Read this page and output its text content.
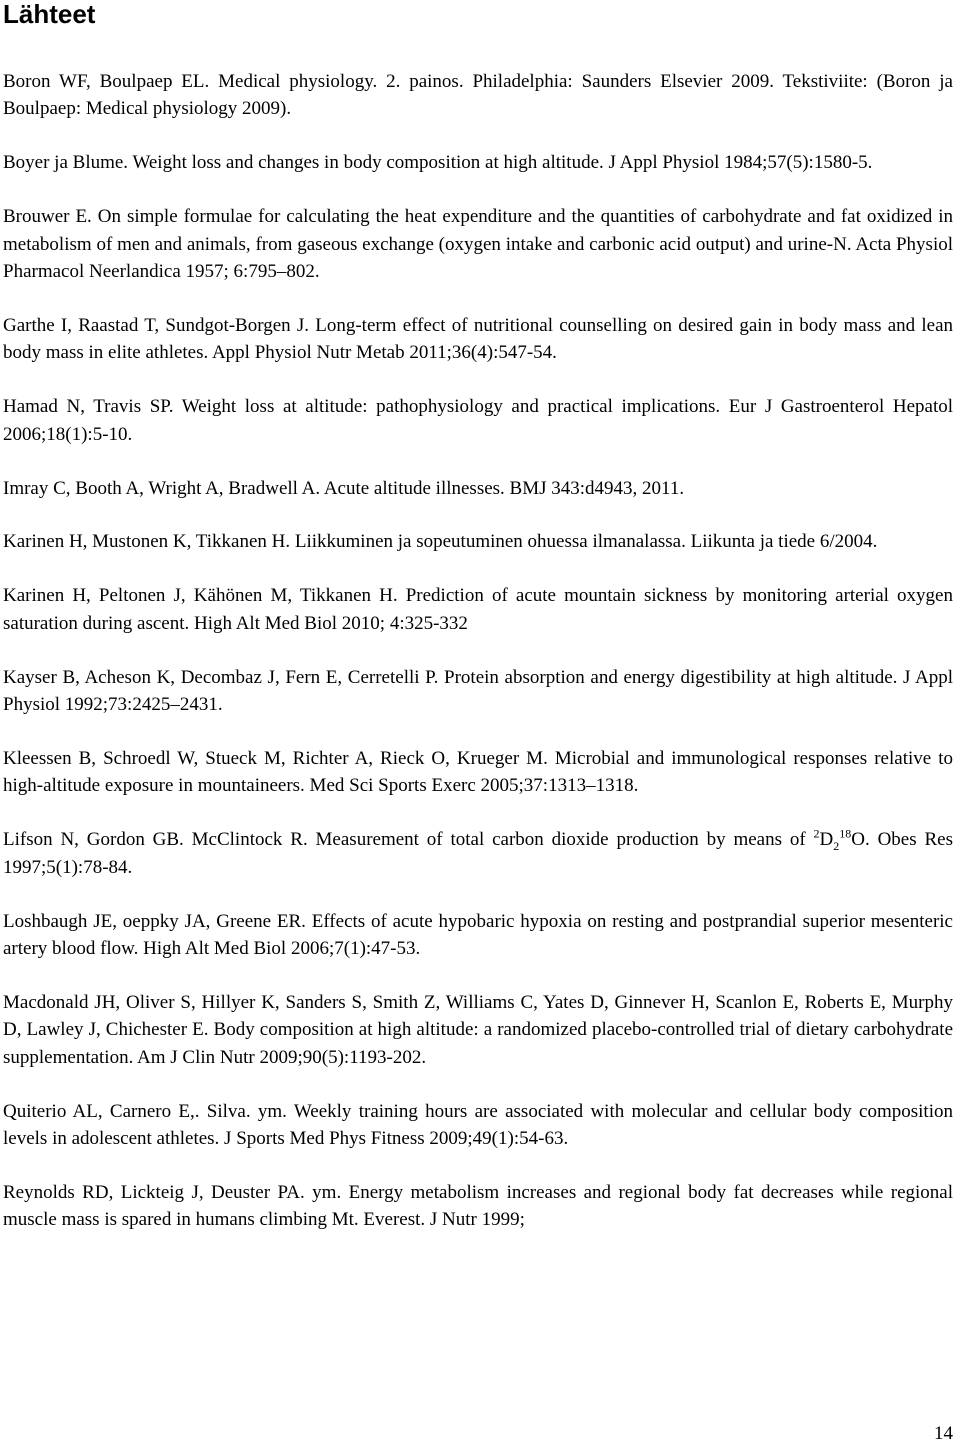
Lähteet
Boron WF, Boulpaep EL. Medical physiology. 2. painos. Philadelphia: Saunders Elsevier 2009. Tekstiviite: (Boron ja Boulpaep: Medical physiology 2009).
Boyer ja Blume. Weight loss and changes in body composition at high altitude. J Appl Physiol 1984;57(5):1580-5.
Brouwer E. On simple formulae for calculating the heat expenditure and the quantities of carbohydrate and fat oxidized in metabolism of men and animals, from gaseous exchange (oxygen intake and carbonic acid output) and urine-N. Acta Physiol Pharmacol Neerlandica 1957; 6:795–802.
Garthe I, Raastad T, Sundgot-Borgen J. Long-term effect of nutritional counselling on desired gain in body mass and lean body mass in elite athletes. Appl Physiol Nutr Metab 2011;36(4):547-54.
Hamad N, Travis SP. Weight loss at altitude: pathophysiology and practical implications. Eur J Gastroenterol Hepatol 2006;18(1):5-10.
Imray C, Booth A, Wright A, Bradwell A. Acute altitude illnesses. BMJ 343:d4943, 2011.
Karinen H, Mustonen K, Tikkanen H. Liikkuminen ja sopeutuminen ohuessa ilmanalassa. Liikunta ja tiede 6/2004.
Karinen H, Peltonen J, Kähönen M, Tikkanen H. Prediction of acute mountain sickness by monitoring arterial oxygen saturation during ascent. High Alt Med Biol 2010; 4:325-332
Kayser B, Acheson K, Decombaz J, Fern E, Cerretelli P. Protein absorption and energy digestibility at high altitude. J Appl Physiol 1992;73:2425–2431.
Kleessen B, Schroedl W, Stueck M, Richter A, Rieck O, Krueger M. Microbial and immunological responses relative to high-altitude exposure in mountaineers. Med Sci Sports Exerc 2005;37:1313–1318.
Lifson N, Gordon GB. McClintock R. Measurement of total carbon dioxide production by means of $^2D_2^{18}O$. Obes Res 1997;5(1):78-84.
Loshbaugh JE, oeppky JA, Greene ER. Effects of acute hypobaric hypoxia on resting and postprandial superior mesenteric artery blood flow. High Alt Med Biol 2006;7(1):47-53.
Macdonald JH, Oliver S, Hillyer K, Sanders S, Smith Z, Williams C, Yates D, Ginnever H, Scanlon E, Roberts E, Murphy D, Lawley J, Chichester E. Body composition at high altitude: a randomized placebo-controlled trial of dietary carbohydrate supplementation. Am J Clin Nutr 2009;90(5):1193-202.
Quiterio AL, Carnero E,. Silva. ym. Weekly training hours are associated with molecular and cellular body composition levels in adolescent athletes. J Sports Med Phys Fitness 2009;49(1):54-63.
Reynolds RD, Lickteig J, Deuster PA. ym. Energy metabolism increases and regional body fat decreases while regional muscle mass is spared in humans climbing Mt. Everest. J Nutr 1999;
14
